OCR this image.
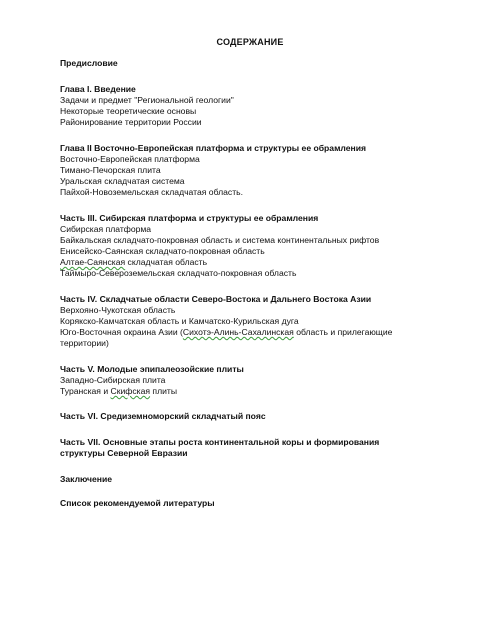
СОДЕРЖАНИЕ
Предисловие
Глава I. Введение
Задачи и предмет "Региональной геологии"
Некоторые теоретические основы
Районирование территории России
Глава II Восточно-Европейская платформа и структуры ее обрамления
Восточно-Европейская платформа
Тимано-Печорская плита
Уральская складчатая система
Пайхой-Новоземельская складчатая область.
Часть III. Сибирская платформа и структуры ее обрамления
Сибирская платформа
Байкальская складчато-покровная область и система континентальных рифтов
Енисейско-Саянская складчато-покровная область
Алтае-Саянская складчатая область
Таймыро-Североземельская складчато-покровная область
Часть IV. Складчатые области Северо-Востока и Дальнего Востока Азии
Верхояно-Чукотская область
Корякско-Камчатская область и Камчатско-Курильская дуга
Юго-Восточная окраина Азии (Сихотэ-Алинь-Сахалинская область и прилегающие
территории)
Часть V. Молодые эпипалеозойские плиты
Западно-Сибирская плита
Туранская и Скифская плиты
Часть VI. Средиземноморский складчатый пояс
Часть VII. Основные этапы роста континентальной коры и формирования
структуры Северной Евразии
Заключение
Список рекомендуемой литературы
